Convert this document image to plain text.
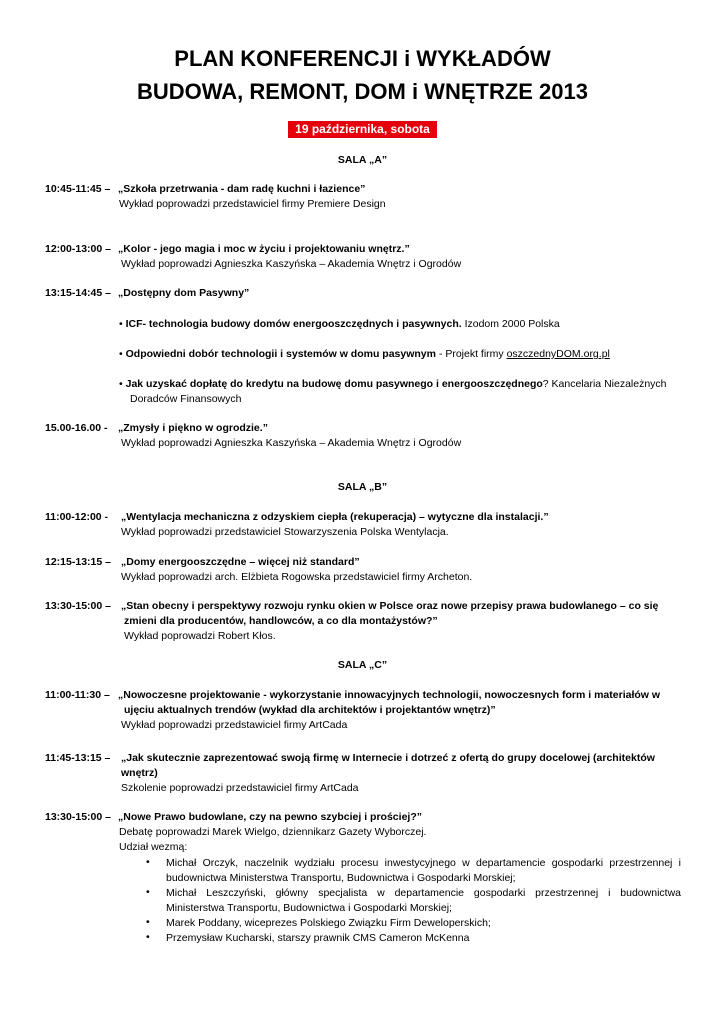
PLAN KONFERENCJI i WYKŁADÓW
BUDOWA, REMONT, DOM i WNĘTRZE 2013
19 października, sobota
SALA „A”
10:45-11:45 – „Szkoła przetrwania - dam radę kuchni i łazience”
Wykład poprowadzi przedstawiciel firmy Premiere Design
12:00-13:00 – „Kolor - jego magia i moc w życiu i projektowaniu wnętrz.”
Wykład poprowadzi Agnieszka Kaszyńska – Akademia Wnętrz i Ogrodów
13:15-14:45 – „Dostępny dom Pasywny”
• ICF- technologia budowy domów energooszczędnych i pasywnych. Izodom 2000 Polska
• Odpowiedni dobór technologii i systemów w domu pasywnym - Projekt firmy oszczednyDOM.org.pl
• Jak uzyskać dopłatę do kredytu na budowę domu pasywnego i energooszczędnego? Kancelaria Niezależnych
Doradców Finansowych
15.00-16.00 - „Zmysły i piękno w ogrodzie.”
Wykład poprowadzi Agnieszka Kaszyńska – Akademia Wnętrz i Ogrodów
SALA „B”
11:00-12:00 - „Wentylacja mechaniczna z odzyskiem ciepła (rekuperacja) – wytyczne dla instalacji.”
Wykład poprowadzi przedstawiciel Stowarzyszenia Polska Wentylacja.
12:15-13:15 – „Domy energooszczędne – więcej niż standard”
Wykład poprowadzi arch. Elżbieta Rogowska przedstawiciel firmy Archeton.
13:30-15:00 – „Stan obecny i perspektywy rozwoju rynku okien w Polsce oraz nowe przepisy prawa budowlanego – co się
zmieni dla producentów, handlowców, a co dla montażystów?”
Wykład poprowadzi Robert Kłos.
SALA „C”
11:00-11:30 – „Nowoczesne projektowanie - wykorzystanie innowacyjnych technologii, nowoczesnych form i materiałów w
ujęciu aktualnych trendów (wykład dla architektów i projektantów wnętrz)”
Wykład poprowadzi przedstawiciel firmy ArtCada
11:45-13:15 – „Jak skutecznie zaprezentować swoją firmę w Internecie i dotrzeć z ofertą do grupy docelowej (architektów
wnętrz)
Szkolenie poprowadzi przedstawiciel firmy ArtCada
13:30-15:00 – „Nowe Prawo budowlane, czy na pewno szybciej i prościej?”
Debatę poprowadzi Marek Wielgo, dziennikarz Gazety Wyborczej.
Udział wezmą:
• Michał Orczyk, naczelnik wydziału procesu inwestycyjnego w departamencie gospodarki przestrzennej i
budownictwa Ministerstwa Transportu, Budownictwa i Gospodarki Morskiej;
• Michał Leszczyński, główny specjalista w departamencie gospodarki przestrzennej i budownictwa
Ministerstwa Transportu, Budownictwa i Gospodarki Morskiej;
• Marek Poddany, wiceprezes Polskiego Związku Firm Deweloperskich;
• Przemysław Kucharski, starszy prawnik CMS Cameron McKenna
